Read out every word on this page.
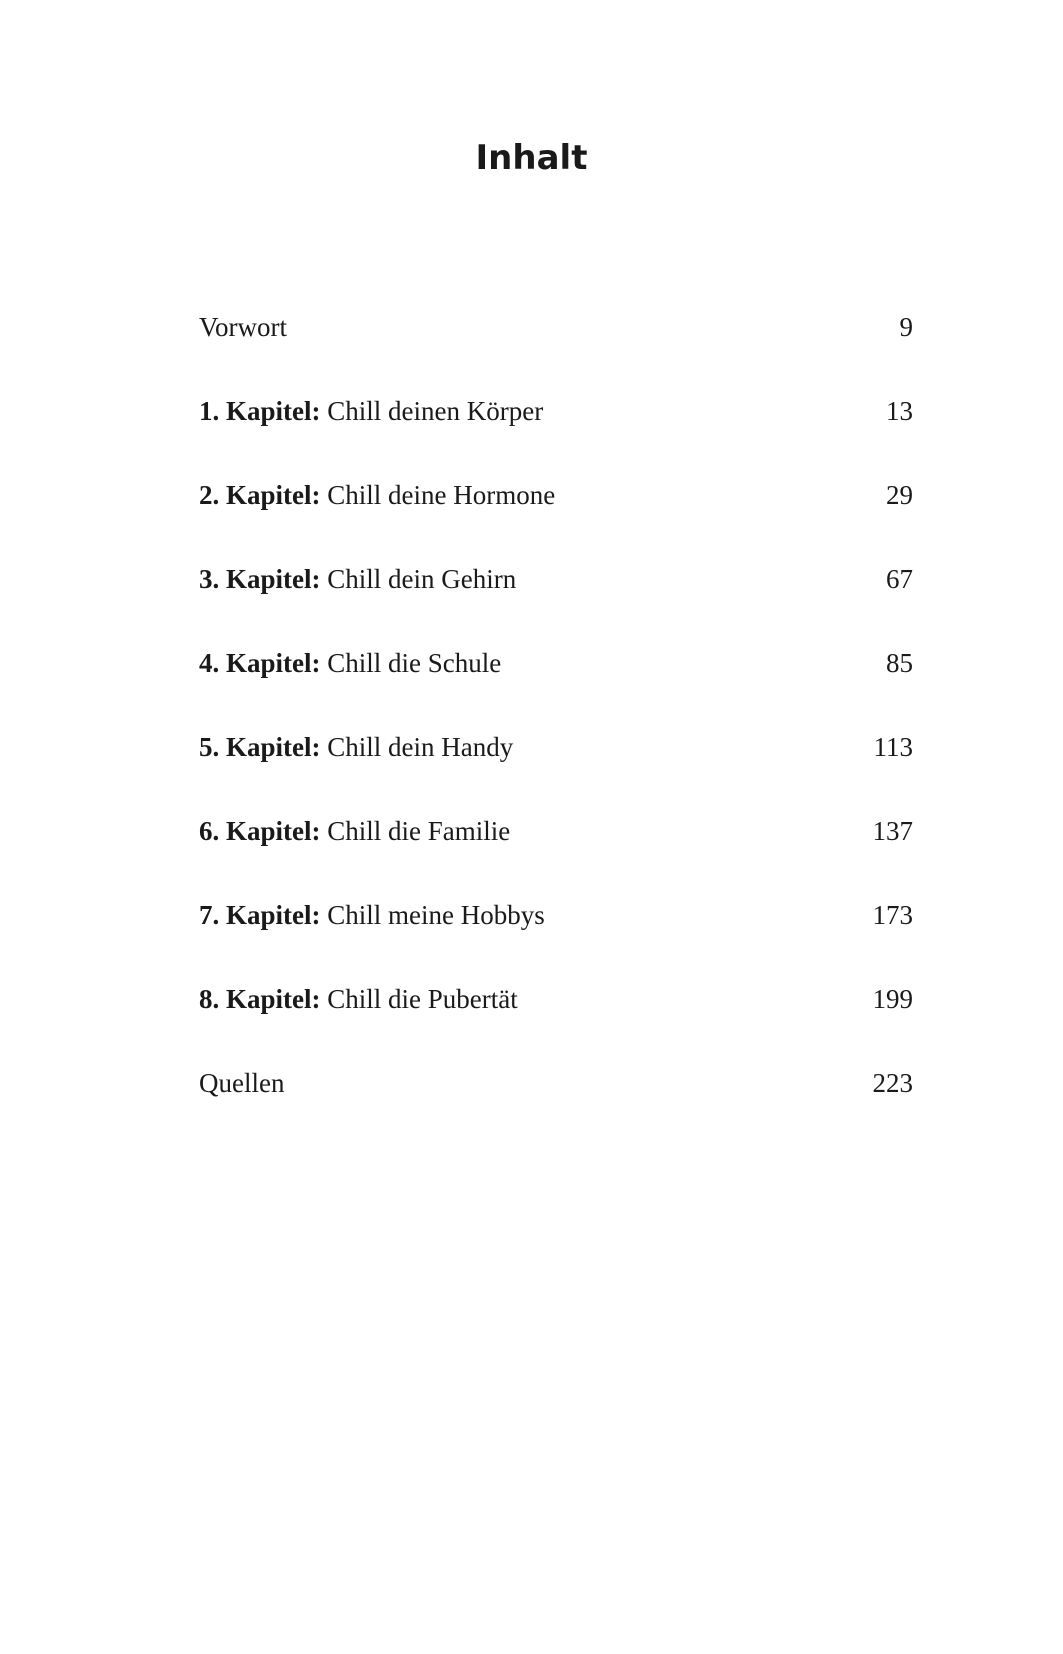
Inhalt
Vorwort	9
1. Kapitel: Chill deinen Körper	13
2. Kapitel: Chill deine Hormone	29
3. Kapitel: Chill dein Gehirn	67
4. Kapitel: Chill die Schule	85
5. Kapitel: Chill dein Handy	113
6. Kapitel: Chill die Familie	137
7. Kapitel: Chill meine Hobbys	173
8. Kapitel: Chill die Pubertät	199
Quellen	223
